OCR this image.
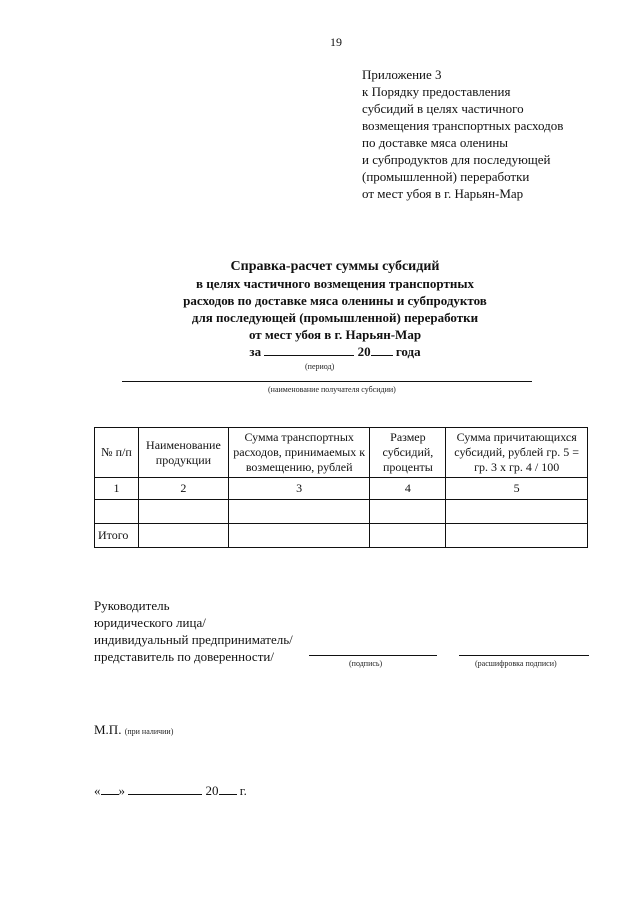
19
Приложение 3
к Порядку предоставления
субсидий в целях частичного
возмещения транспортных расходов
по доставке мяса оленины
и субпродуктов для последующей
(промышленной) переработки
от мест убоя в г. Нарьян-Мар
Справка-расчет суммы субсидий
в целях частичного возмещения транспортных
расходов по доставке мяса оленины и субпродуктов
для последующей (промышленной) переработки
от мест убоя в г. Нарьян-Мар
за	20 года
(период)
(наименование получателя субсидии)
№ п/п	Наименование продукции	Сумма транспортных расходов, принимаемых к возмещению, рублей	Размер субсидий, проценты	Сумма причитающихся субсидий, рублей гр. 5 = гр. 3 х гр. 4 / 100
1	2	3	4	5

Итого				
Руководитель
юридического лица/
индивидуальный предприниматель/
представитель по доверенности/	(подпись)	(расшифровка подписи)
М.П. (при наличии)
« »	20 г.
